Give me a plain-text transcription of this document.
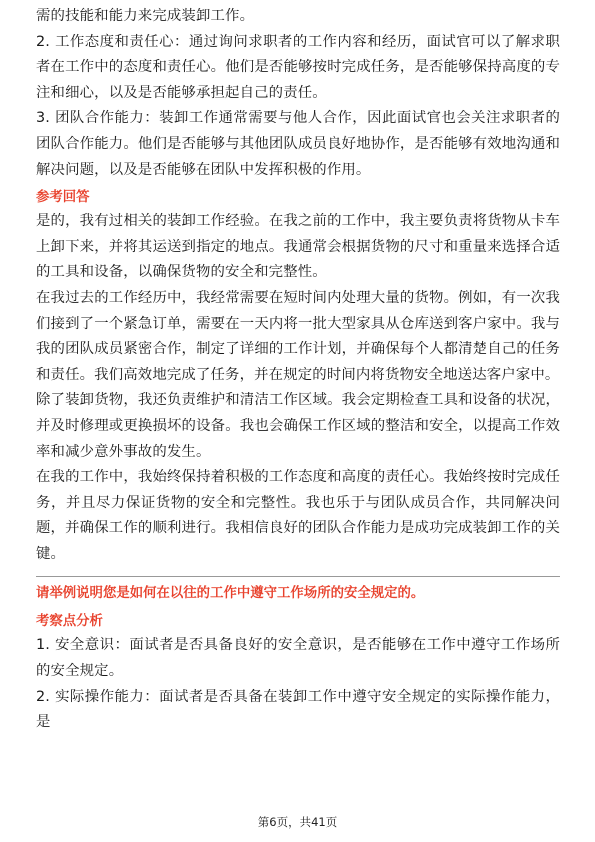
需的技能和能力来完成装卸工作。

2. 工作态度和责任心：通过询问求职者的工作内容和经历，面试官可以了解求职者在工作中的态度和责任心。他们是否能够按时完成任务，是否能够保持高度的专注和细心，以及是否能够承担起自己的责任。

3. 团队合作能力：装卸工作通常需要与他人合作，因此面试官也会关注求职者的团队合作能力。他们是否能够与其他团队成员良好地协作，是否能够有效地沟通和解决问题，以及是否能够在团队中发挥积极的作用。

参考回答

是的，我有过相关的装卸工作经验。在我之前的工作中，我主要负责将货物从卡车上卸下来，并将其运送到指定的地点。我通常会根据货物的尺寸和重量来选择合适的工具和设备，以确保货物的安全和完整性。

在我过去的工作经历中，我经常需要在短时间内处理大量的货物。例如，有一次我们接到了一个紧急订单，需要在一天内将一批大型家具从仓库送到客户家中。我与我的团队成员紧密合作，制定了详细的工作计划，并确保每个人都清楚自己的任务和责任。我们高效地完成了任务，并在规定的时间内将货物安全地送达客户家中。

除了装卸货物，我还负责维护和清洁工作区域。我会定期检查工具和设备的状况，并及时修理或更换损坏的设备。我也会确保工作区域的整洁和安全，以提高工作效率和减少意外事故的发生。

在我的工作中，我始终保持着积极的工作态度和高度的责任心。我始终按时完成任务，并且尽力保证货物的安全和完整性。我也乐于与团队成员合作，共同解决问题，并确保工作的顺利进行。我相信良好的团队合作能力是成功完成装卸工作的关键。

请举例说明您是如何在以往的工作中遵守工作场所的安全规定的。
考察点分析

1. 安全意识：面试者是否具备良好的安全意识，是否能够在工作中遵守工作场所的安全规定。

2. 实际操作能力：面试者是否具备在装卸工作中遵守安全规定的实际操作能力，是

第6页，共41页
